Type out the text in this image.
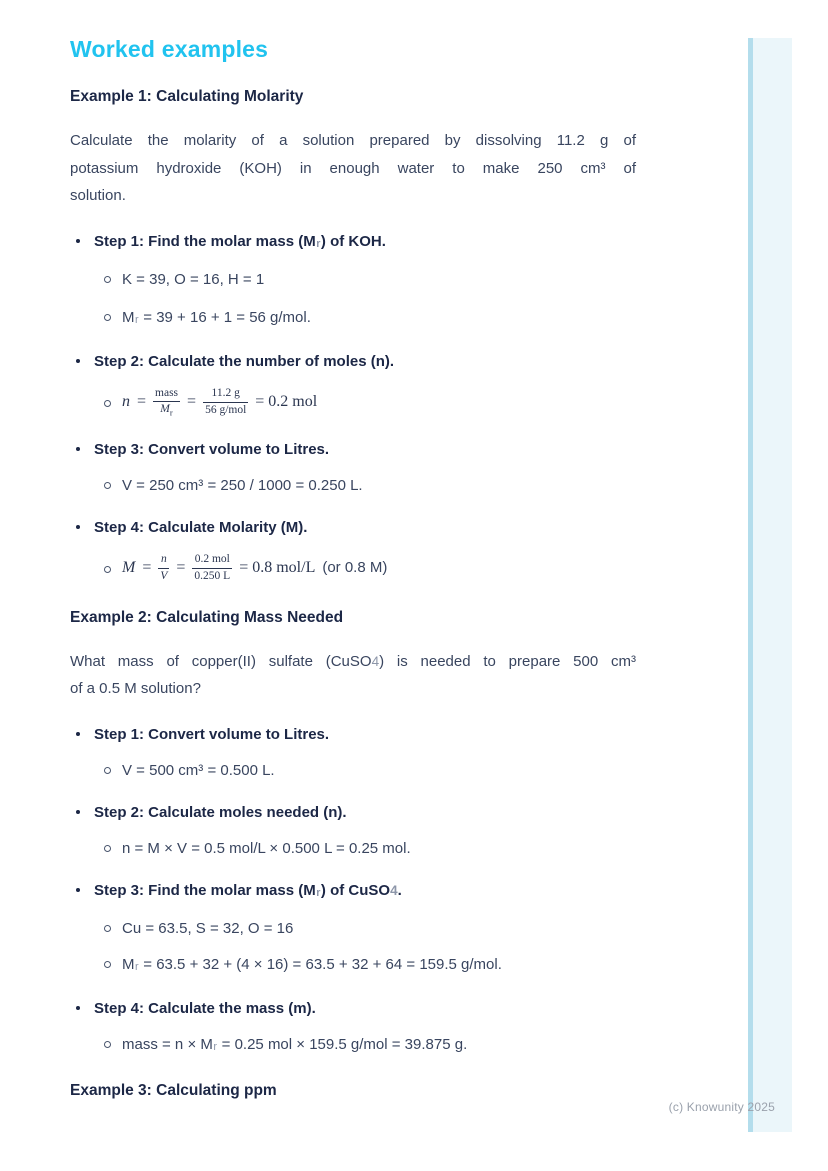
Worked examples
Example 1: Calculating Molarity
Calculate the molarity of a solution prepared by dissolving 11.2 g of
potassium hydroxide (KOH) in enough water to make 250 cm³ of
solution.
Step 1: Find the molar mass (Mr) of KOH.
K = 39, O = 16, H = 1
Mr = 39 + 16 + 1 = 56 g/mol.
Step 2: Calculate the number of moles (n).
$n = \frac{\text{mass}}{M_r} = \frac{11.2 g}{\text{56 g/mol}} = 0.2$ mol
Step 3: Convert volume to Litres.
V = 250 cm³ = 250 / 1000 = 0.250 L.
Step 4: Calculate Molarity (M).
$M = \frac{n}{V} = \frac{\text{0.2 mol}}{0.250 L} = 0.8$ mol/L (or 0.8 M)
Example 2: Calculating Mass Needed
What mass of copper(II) sulfate (CuSO4) is needed to prepare 500 cm³
of a 0.5 M solution?
Step 1: Convert volume to Litres.
V = 500 cm³ = 0.500 L.
Step 2: Calculate moles needed (n).
n = M × V = 0.5 mol/L × 0.500 L = 0.25 mol.
Step 3: Find the molar mass (Mr) of CuSO4.
Cu = 63.5, S = 32, O = 16
Mr = 63.5 + 32 + (4 × 16) = 63.5 + 32 + 64 = 159.5 g/mol.
Step 4: Calculate the mass (m).
mass = n × Mr = 0.25 mol × 159.5 g/mol = 39.875 g.
Example 3: Calculating ppm
(c) Knowunity 2025
